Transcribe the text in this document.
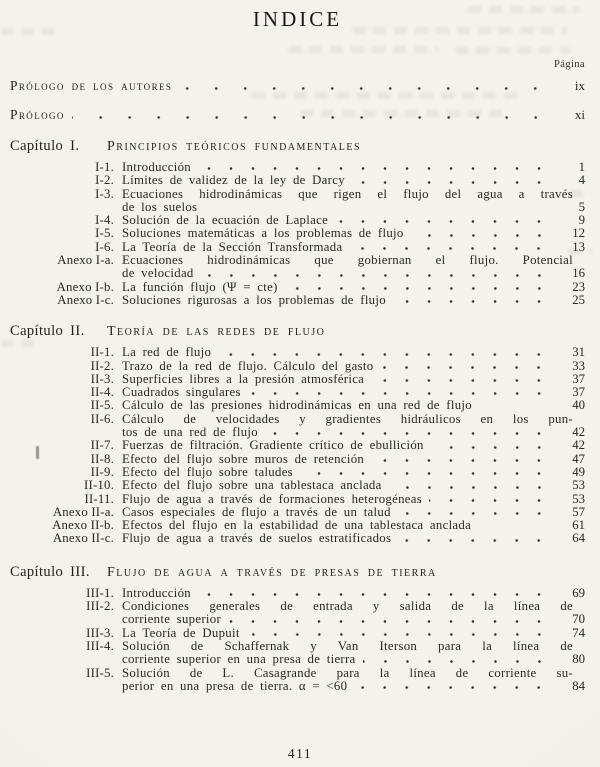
INDICE
Página
Prólogo de los autores	ix
Prólogo	xi
Capítulo I.	Principios teóricos fundamentales
I-1. Introducción	1
I-2. Límites de validez de la ley de Darcy	4
I-3. Ecuaciones hidrodinámicas que rigen el flujo del agua a través
de los suelos	5
I-4. Solución de la ecuación de Laplace	9
I-5. Soluciones matemáticas a los problemas de flujo	12
I-6. La Teoría de la Sección Transformada	13
Anexo I-a. Ecuaciones hidrodinámicas que gobiernan el flujo. Potencial
de velocidad	16
Anexo I-b. La función flujo (Ψ = cte)	23
Anexo I-c. Soluciones rigurosas a los problemas de flujo	25
Capítulo II.	Teoría de las redes de flujo
II-1. La red de flujo	31
II-2. Trazo de la red de flujo. Cálculo del gasto	33
II-3. Superficies libres a la presión atmosférica	37
II-4. Cuadrados singulares	37
II-5. Cálculo de las presiones hidrodinámicas en una red de flujo	40
II-6. Cálculo de velocidades y gradientes hidráulicos en los pun-
tos de una red de flujo	42
II-7. Fuerzas de filtración. Gradiente crítico de ebullición	42
II-8. Efecto del flujo sobre muros de retención	47
II-9. Efecto del flujo sobre taludes	49
II-10. Efecto del flujo sobre una tablestaca anclada	53
II-11. Flujo de agua a través de formaciones heterogéneas	53
Anexo II-a. Casos especiales de flujo a través de un talud	57
Anexo II-b. Efectos del flujo en la estabilidad de una tablestaca anclada	61
Anexo II-c. Flujo de agua a través de suelos estratificados	64
Capítulo III.	Flujo de agua a través de presas de tierra
III-1. Introducción	69
III-2. Condiciones generales de entrada y salida de la línea de
corriente superior	70
III-3. La Teoría de Dupuit	74
III-4. Solución de Schaffernak y Van Iterson para la línea de
corriente superior en una presa de tierra	80
III-5. Solución de L. Casagrande para la línea de corriente su-
perior en una presa de tierra. α = <60	84
411
